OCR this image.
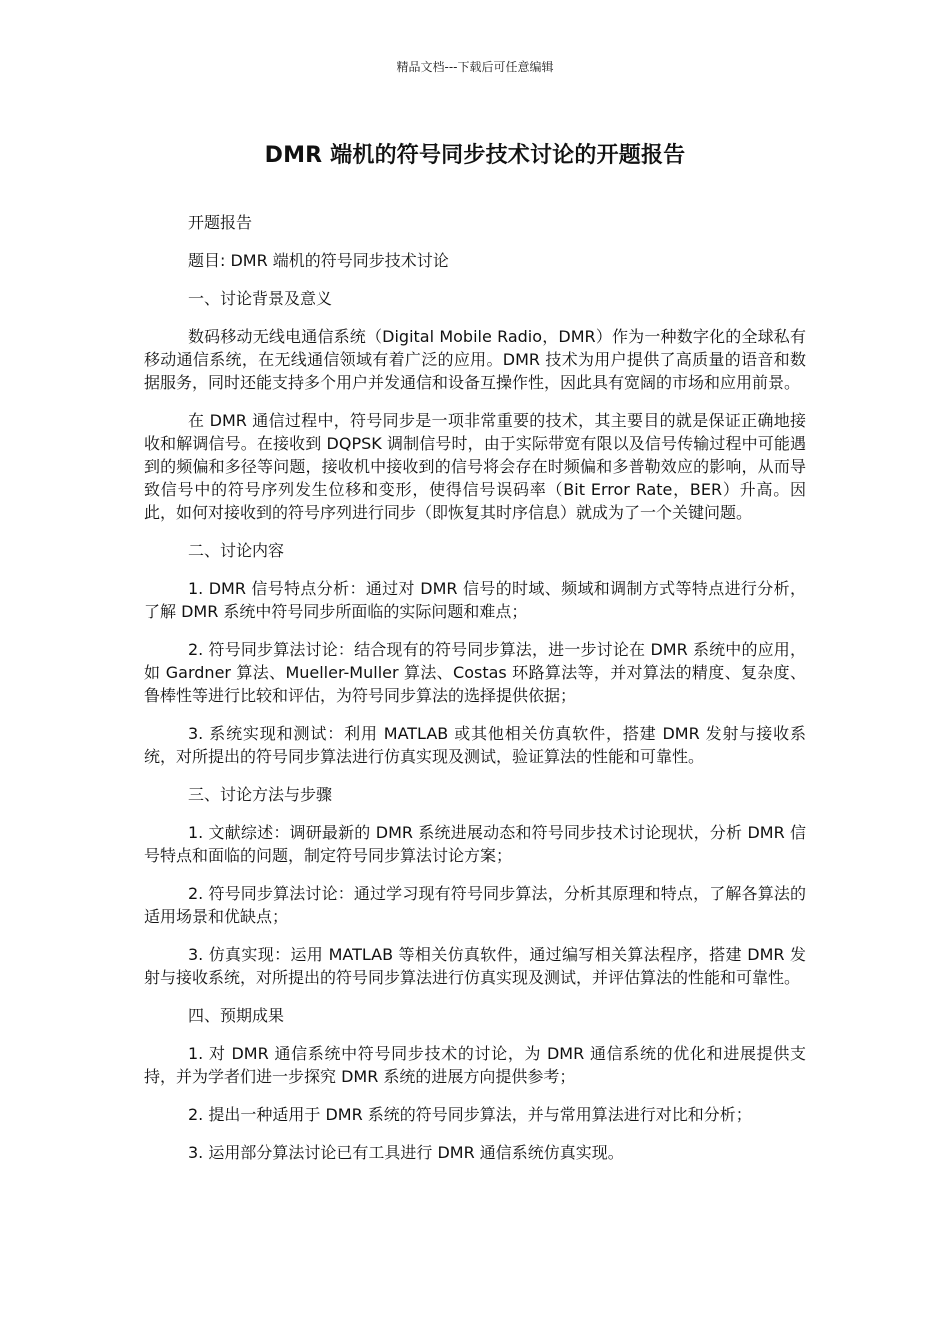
精品文档---下载后可任意编辑
DMR 端机的符号同步技术讨论的开题报告

开题报告

题目: DMR 端机的符号同步技术讨论

一、讨论背景及意义

数码移动无线电通信系统（Digital Mobile Radio，DMR）作为一种数字化的全球私有移动通信系统，在无线通信领域有着广泛的应用。DMR 技术为用户提供了高质量的语音和数据服务，同时还能支持多个用户并发通信和设备互操作性，因此具有宽阔的市场和应用前景。

在 DMR 通信过程中，符号同步是一项非常重要的技术，其主要目的就是保证正确地接收和解调信号。在接收到 DQPSK 调制信号时，由于实际带宽有限以及信号传输过程中可能遇到的频偏和多径等问题，接收机中接收到的信号将会存在时频偏和多普勒效应的影响，从而导致信号中的符号序列发生位移和变形，使得信号误码率（Bit Error Rate，BER）升高。因此，如何对接收到的符号序列进行同步（即恢复其时序信息）就成为了一个关键问题。

二、讨论内容

1. DMR 信号特点分析：通过对 DMR 信号的时域、频域和调制方式等特点进行分析，了解 DMR 系统中符号同步所面临的实际问题和难点；

2. 符号同步算法讨论：结合现有的符号同步算法，进一步讨论在 DMR 系统中的应用，如 Gardner 算法、Mueller-Muller 算法、Costas 环路算法等，并对算法的精度、复杂度、鲁棒性等进行比较和评估，为符号同步算法的选择提供依据；

3. 系统实现和测试：利用 MATLAB 或其他相关仿真软件，搭建 DMR 发射与接收系统，对所提出的符号同步算法进行仿真实现及测试，验证算法的性能和可靠性。

三、讨论方法与步骤

1. 文献综述：调研最新的 DMR 系统进展动态和符号同步技术讨论现状，分析 DMR 信号特点和面临的问题，制定符号同步算法讨论方案；

2. 符号同步算法讨论：通过学习现有符号同步算法，分析其原理和特点，了解各算法的适用场景和优缺点；

3. 仿真实现：运用 MATLAB 等相关仿真软件，通过编写相关算法程序，搭建 DMR 发射与接收系统，对所提出的符号同步算法进行仿真实现及测试，并评估算法的性能和可靠性。

四、预期成果

1. 对 DMR 通信系统中符号同步技术的讨论，为 DMR 通信系统的优化和进展提供支持，并为学者们进一步探究 DMR 系统的进展方向提供参考；

2. 提出一种适用于 DMR 系统的符号同步算法，并与常用算法进行对比和分析；

3. 运用部分算法讨论已有工具进行 DMR 通信系统仿真实现。
